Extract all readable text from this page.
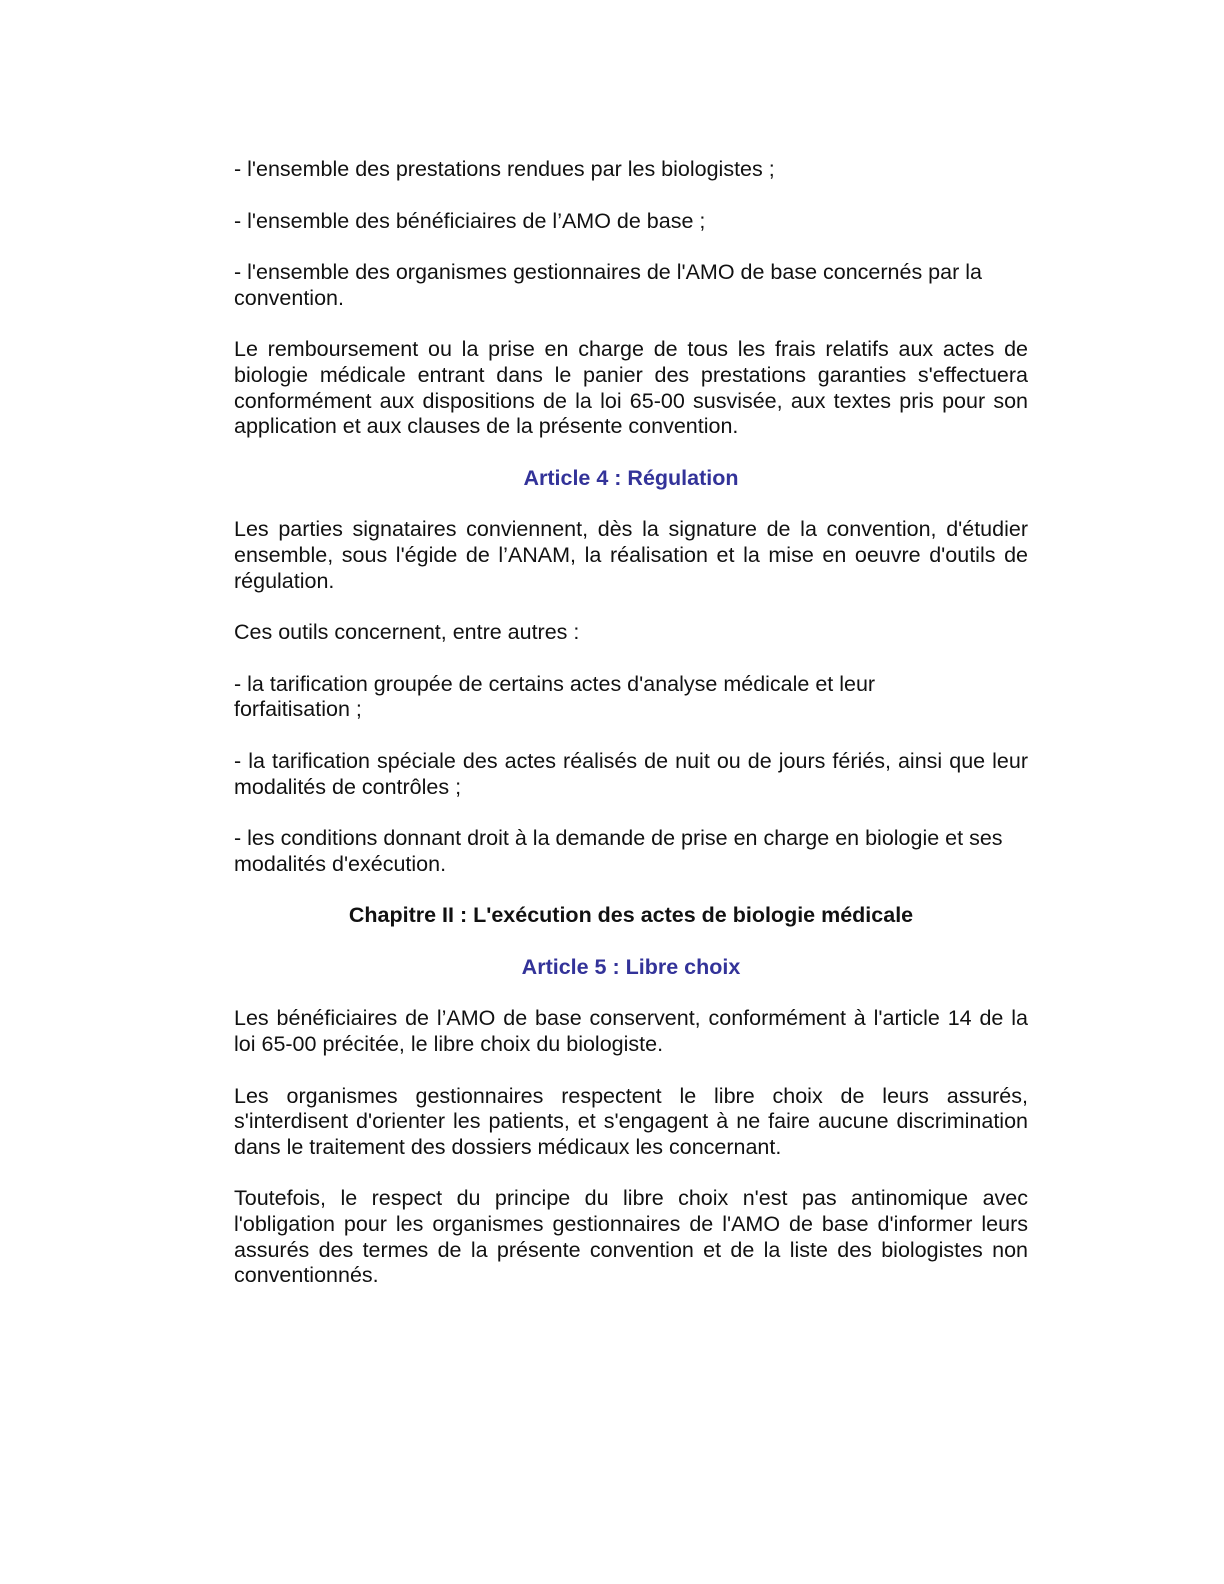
- l'ensemble des prestations rendues par les biologistes ;

- l'ensemble des bénéficiaires de l’AMO de base ;

- l'ensemble des organismes gestionnaires de l'AMO de base concernés par la convention.

Le remboursement ou la prise en charge de tous les frais relatifs aux actes de biologie médicale entrant dans le panier des prestations garanties s'effectuera conformément aux dispositions de la loi 65-00 susvisée, aux textes pris pour son application et aux clauses de la présente convention.

Article 4 : Régulation

Les parties signataires conviennent, dès la signature de la convention, d'étudier ensemble, sous l'égide de l’ANAM, la réalisation et la mise en oeuvre d'outils de régulation.

Ces outils concernent, entre autres :

- la tarification groupée de certains actes d'analyse médicale et leur forfaitisation ;

- la tarification spéciale des actes réalisés de nuit ou de jours fériés, ainsi que leur modalités de contrôles ;

- les conditions donnant droit à la demande de prise en charge en biologie et ses modalités d'exécution.

Chapitre II : L'exécution des actes de biologie médicale

Article 5 : Libre choix

Les bénéficiaires de l’AMO de base conservent, conformément à l'article 14 de la loi 65-00 précitée, le libre choix du biologiste.

Les organismes gestionnaires respectent le libre choix de leurs assurés, s'interdisent d'orienter les patients, et s'engagent à ne faire aucune discrimination dans le traitement des dossiers médicaux les concernant.

Toutefois, le respect du principe du libre choix n'est pas antinomique avec l'obligation pour les organismes gestionnaires de l'AMO de base d'informer leurs assurés des termes de la présente convention et de la liste des biologistes non conventionnés.
